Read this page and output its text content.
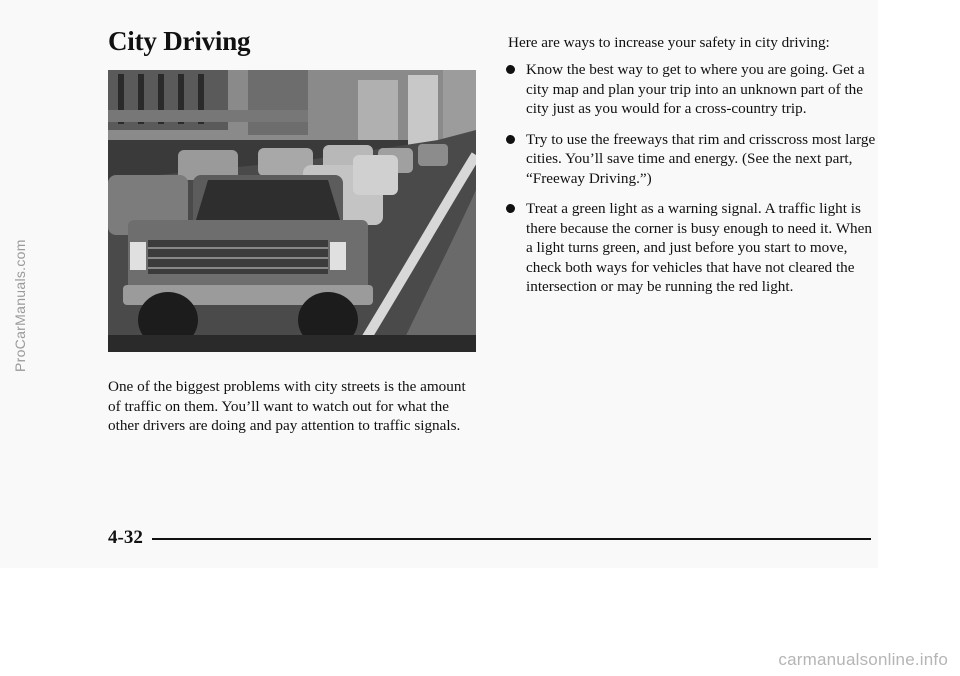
City Driving

One of the biggest problems with city streets is the amount of traffic on them. You’ll want to watch out for what the other drivers are doing and pay attention to traffic signals.

Here are ways to increase your safety in city driving:

Know the best way to get to where you are going. Get a city map and plan your trip into an unknown part of the city just as you would for a cross-country trip.
Try to use the freeways that rim and crisscross most large cities. You’ll save time and energy. (See the next part, “Freeway Driving.”)
Treat a green light as a warning signal. A traffic light is there because the corner is busy enough to need it. When a light turns green, and just before you start to move, check both ways for vehicles that have not cleared the intersection or may be running the red light.
4-32
ProCarManuals.com
carmanualsonline.info
